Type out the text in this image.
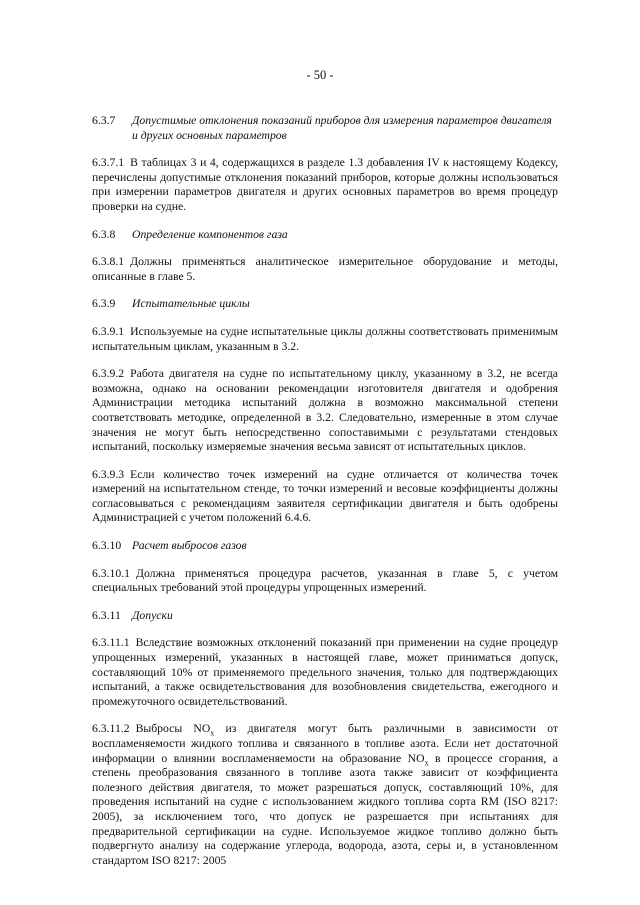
- 50 -
6.3.7	Допустимые отклонения показаний приборов для измерения параметров двигателя и других основных параметров

6.3.7.1 В таблицах 3 и 4, содержащихся в разделе 1.3 добавления IV к настоящему Кодексу, перечислены допустимые отклонения показаний приборов, которые должны использоваться при измерении параметров двигателя и других основных параметров во время процедур проверки на судне.

6.3.8	Определение компонентов газа

6.3.8.1 Должны применяться аналитическое измерительное оборудование и методы, описанные в главе 5.

6.3.9	Испытательные циклы

6.3.9.1 Используемые на судне испытательные циклы должны соответствовать применимым испытательным циклам, указанным в 3.2.

6.3.9.2 Работа двигателя на судне по испытательному циклу, указанному в 3.2, не всегда возможна, однако на основании рекомендации изготовителя двигателя и одобрения Администрации методика испытаний должна в возможно максимальной степени соответствовать методике, определенной в 3.2. Следовательно, измеренные в этом случае значения не могут быть непосредственно сопоставимыми с результатами стендовых испытаний, поскольку измеряемые значения весьма зависят от испытательных циклов.

6.3.9.3 Если количество точек измерений на судне отличается от количества точек измерений на испытательном стенде, то точки измерений и весовые коэффициенты должны согласовываться с рекомендациям заявителя сертификации двигателя и быть одобрены Администрацией с учетом положений 6.4.6.

6.3.10 Расчет выбросов газов

6.3.10.1 Должна применяться процедура расчетов, указанная в главе 5, с учетом специальных требований этой процедуры упрощенных измерений.

6.3.11 Допуски

6.3.11.1 Вследствие возможных отклонений показаний при применении на судне процедур упрощенных измерений, указанных в настоящей главе, может приниматься допуск, составляющий 10% от применяемого предельного значения, только для подтверждающих испытаний, а также освидетельствования для возобновления свидетельства, ежегодного и промежуточного освидетельствований.

6.3.11.2 Выбросы $NO_x$ из двигателя могут быть различными в зависимости от воспламеняемости жидкого топлива и связанного в топливе азота. Если нет достаточной информации о влиянии воспламеняемости на образование $NO_x$ в процессе сгорания, а степень преобразования связанного в топливе азота также зависит от коэффициента полезного действия двигателя, то может разрешаться допуск, составляющий 10%, для проведения испытаний на судне с использованием жидкого топлива сорта RM (ISO 8217: 2005), за исключением того, что допуск не разрешается при испытаниях для предварительной сертификации на судне. Используемое жидкое топливо должно быть подвергнуто анализу на содержание углерода, водорода, азота, серы и, в установленном стандартом ISO 8217: 2005
